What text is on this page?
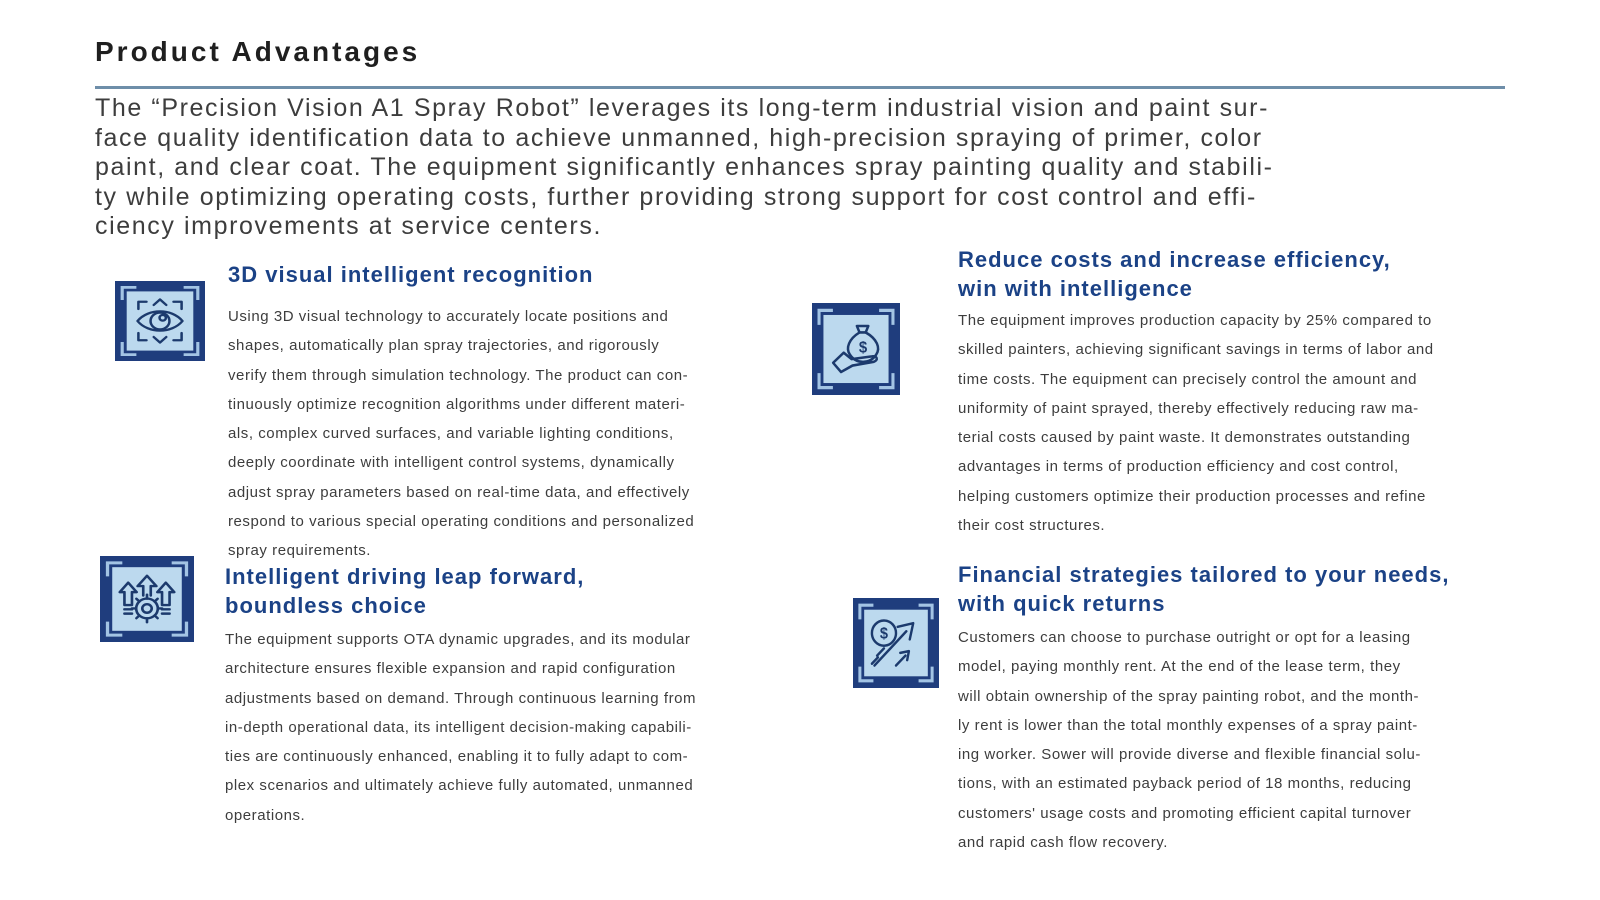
Product Advantages
The “Precision Vision A1 Spray Robot” leverages its long-term industrial vision and paint sur-
face quality identification data to achieve unmanned, high-precision spraying of primer, color
paint, and clear coat. The equipment significantly enhances spray painting quality and stabili-
ty while optimizing operating costs, further providing strong support for cost control and effi-
ciency improvements at service centers.
3D visual intelligent recognition
Using 3D visual technology to accurately locate positions and
shapes, automatically plan spray trajectories, and rigorously
verify them through simulation technology. The product can con-
tinuously optimize recognition algorithms under different materi-
als, complex curved surfaces, and variable lighting conditions,
deeply coordinate with intelligent control systems, dynamically
adjust spray parameters based on real-time data, and effectively
respond to various special operating conditions and personalized
spray requirements.
$
Reduce costs and increase efficiency,
win with intelligence
The equipment improves production capacity by 25% compared to
skilled painters, achieving significant savings in terms of labor and
time costs. The equipment can precisely control the amount and
uniformity of paint sprayed, thereby effectively reducing raw ma-
terial costs caused by paint waste. It demonstrates outstanding
advantages in terms of production efficiency and cost control,
helping customers optimize their production processes and refine
their cost structures.
Intelligent driving leap forward,
boundless choice
The equipment supports OTA dynamic upgrades, and its modular
architecture ensures flexible expansion and rapid configuration
adjustments based on demand. Through continuous learning from
in-depth operational data, its intelligent decision-making capabili-
ties are continuously enhanced, enabling it to fully adapt to com-
plex scenarios and ultimately achieve fully automated, unmanned
operations.
$
Financial strategies tailored to your needs,
with quick returns
Customers can choose to purchase outright or opt for a leasing
model, paying monthly rent. At the end of the lease term, they
will obtain ownership of the spray painting robot, and the month-
ly rent is lower than the total monthly expenses of a spray paint-
ing worker. Sower will provide diverse and flexible financial solu-
tions, with an estimated payback period of 18 months, reducing
customers' usage costs and promoting efficient capital turnover
and rapid cash flow recovery.
